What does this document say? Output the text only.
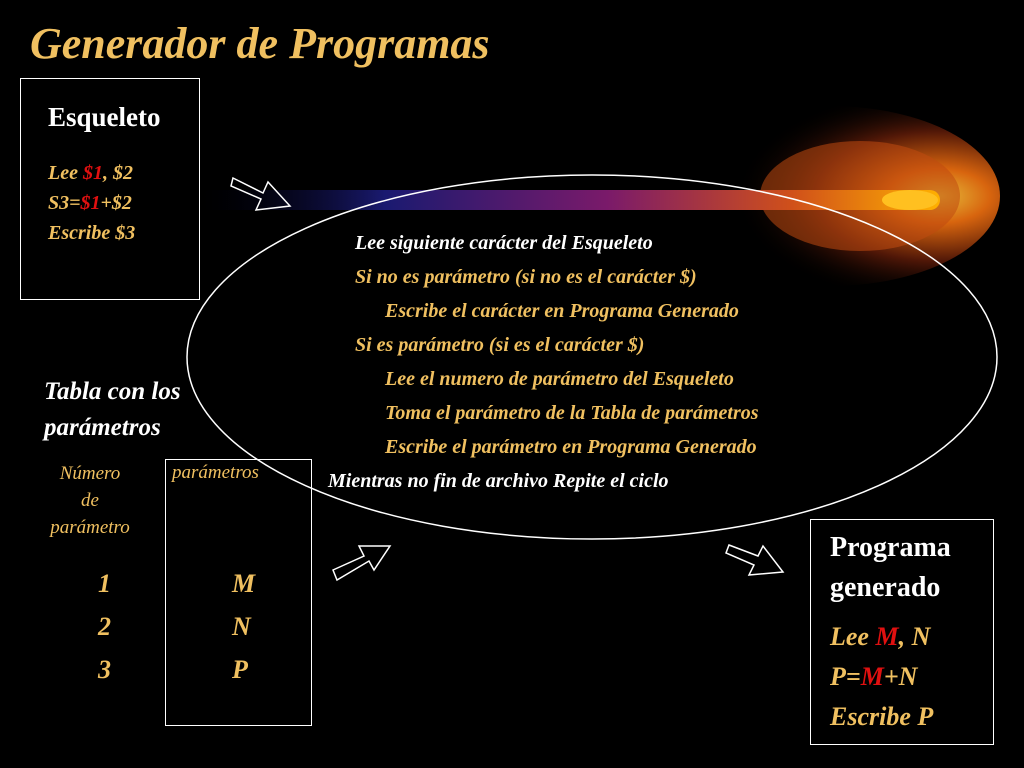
Generador de Programas
Esqueleto
Lee $1, $2
S3=$1+$2
Escribe $3	Lee siguiente carácter del Esqueleto
Si no es parámetro (si no es el carácter $)
Escribe el carácter en Programa Generado
Si es parámetro (si es el carácter $)
Lee el numero de parámetro del Esqueleto
Toma el parámetro de la Tabla de parámetros
Escribe el parámetro en Programa Generado
Mientras no fin de archivo Repite el ciclo
Tabla con los
parámetros
Número
de
parámetro
parámetros
1
2
3
M
N
P
Programa
generado
Lee M, N
P=M+N
Escribe P
